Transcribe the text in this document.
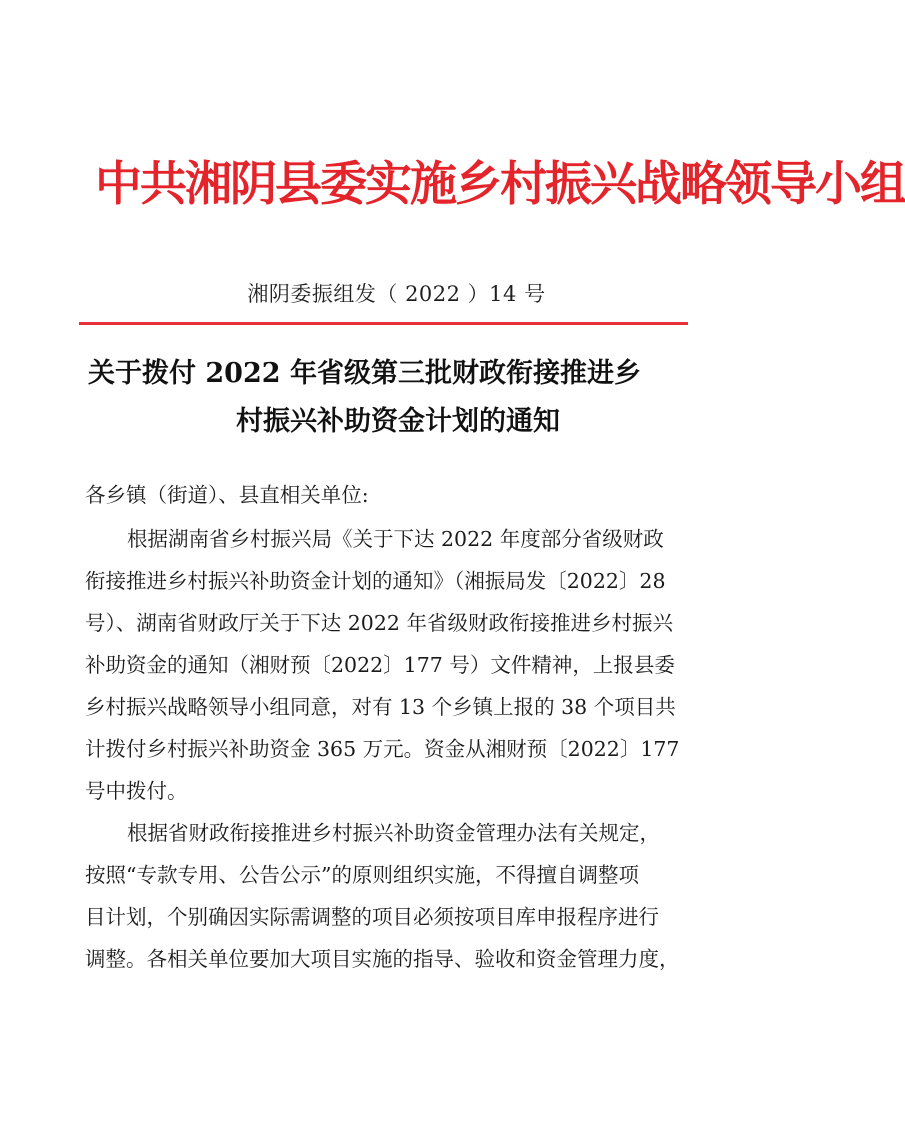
中共湘阴县委实施乡村振兴战略领导小组
湘阴委振组发（ 2022 ）14 号
关于拨付 2022 年省级第三批财政衔接推进乡
村振兴补助资金计划的通知
各乡镇（街道）、县直相关单位:

根据湖南省乡村振兴局《关于下达 2022 年度部分省级财政
衔接推进乡村振兴补助资金计划的通知》（湘振局发〔2022〕28
号）、湖南省财政厅关于下达 2022 年省级财政衔接推进乡村振兴
补助资金的通知（湘财预〔2022〕177 号）文件精神，上报县委
乡村振兴战略领导小组同意，对有 13 个乡镇上报的 38 个项目共
计拨付乡村振兴补助资金 365 万元。资金从湘财预〔2022〕177
号中拨付。

根据省财政衔接推进乡村振兴补助资金管理办法有关规定，
按照“专款专用、公告公示”的原则组织实施，不得擅自调整项
目计划，个别确因实际需调整的项目必须按项目库申报程序进行
调整。各相关单位要加大项目实施的指导、验收和资金管理力度，
